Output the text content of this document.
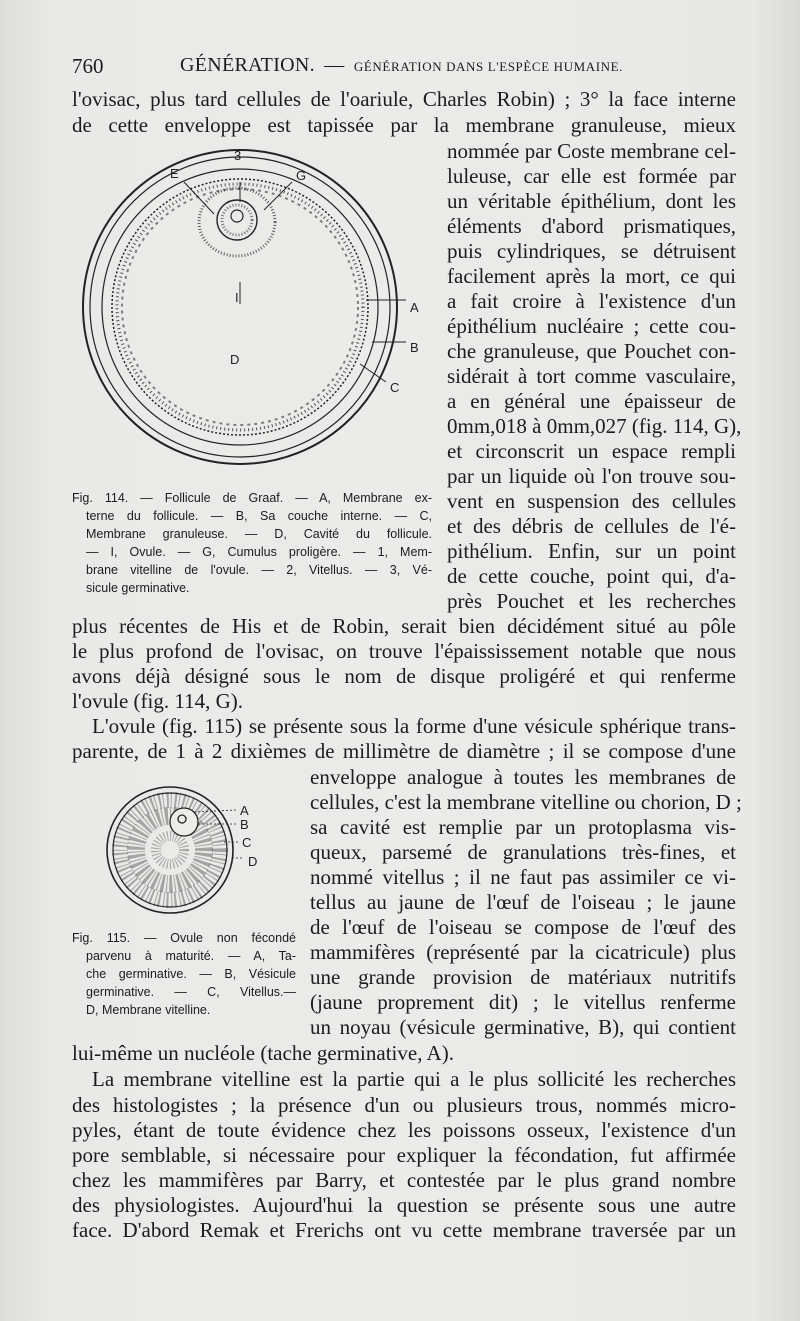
760	GÉNÉRATION. — GÉNÉRATION DANS L'ESPÈCE HUMAINE.
l'ovisac, plus tard cellules de l'oariule, Charles Robin) ; 3° la face interne
de cette enveloppe est tapissée par la membrane granuleuse, mieux
3
E	G
I
A
B
D
C
nommée par Coste membrane cel-
luleuse, car elle est formée par
un véritable épithélium, dont les
éléments d'abord prismatiques,
puis cylindriques, se détruisent
facilement après la mort, ce qui
a fait croire à l'existence d'un
épithélium nucléaire ; cette cou-
che granuleuse, que Pouchet con-
sidérait à tort comme vasculaire,
a en général une épaisseur de
0mm,018 à 0mm,027 (fig. 114, G),
et circonscrit un espace rempli
par un liquide où l'on trouve sou-
vent en suspension des cellules
et des débris de cellules de l'é-
pithélium. Enfin, sur un point
de cette couche, point qui, d'a-
près Pouchet et les recherches
Fig. 114. — Follicule de Graaf. — A, Membrane ex-
terne du follicule. — B, Sa couche interne. — C,
Membrane granuleuse. — D, Cavité du follicule.
— I, Ovule. — G, Cumulus proligère. — 1, Mem-
brane vitelline de l'ovule. — 2, Vitellus. — 3, Vé-
sicule germinative.
plus récentes de His et de Robin, serait bien décidément situé au pôle
le plus profond de l'ovisac, on trouve l'épaississement notable que nous
avons déjà désigné sous le nom de disque proligéré et qui renferme
l'ovule (fig. 114, G).
L'ovule (fig. 115) se présente sous la forme d'une vésicule sphérique trans-
parente, de 1 à 2 dixièmes de millimètre de diamètre ; il se compose d'une
A
B
C
D
Fig. 115. — Ovule non fécondé
parvenu à maturité. — A, Ta-
che germinative. — B, Vésicule
germinative. — C, Vitellus.—
D, Membrane vitelline.
enveloppe analogue à toutes les membranes de
cellules, c'est la membrane vitelline ou chorion, D ;
sa cavité est remplie par un protoplasma vis-
queux, parsemé de granulations très-fines, et
nommé vitellus ; il ne faut pas assimiler ce vi-
tellus au jaune de l'œuf de l'oiseau ; le jaune
de l'œuf de l'oiseau se compose de l'œuf des
mammifères (représenté par la cicatricule) plus
une grande provision de matériaux nutritifs
(jaune proprement dit) ; le vitellus renferme
un noyau (vésicule germinative, B), qui contient
lui-même un nucléole (tache germinative, A).
La membrane vitelline est la partie qui a le plus sollicité les recherches
des histologistes ; la présence d'un ou plusieurs trous, nommés micro-
pyles, étant de toute évidence chez les poissons osseux, l'existence d'un
pore semblable, si nécessaire pour expliquer la fécondation, fut affirmée
chez les mammifères par Barry, et contestée par le plus grand nombre
des physiologistes. Aujourd'hui la question se présente sous une autre
face. D'abord Remak et Frerichs ont vu cette membrane traversée par un
